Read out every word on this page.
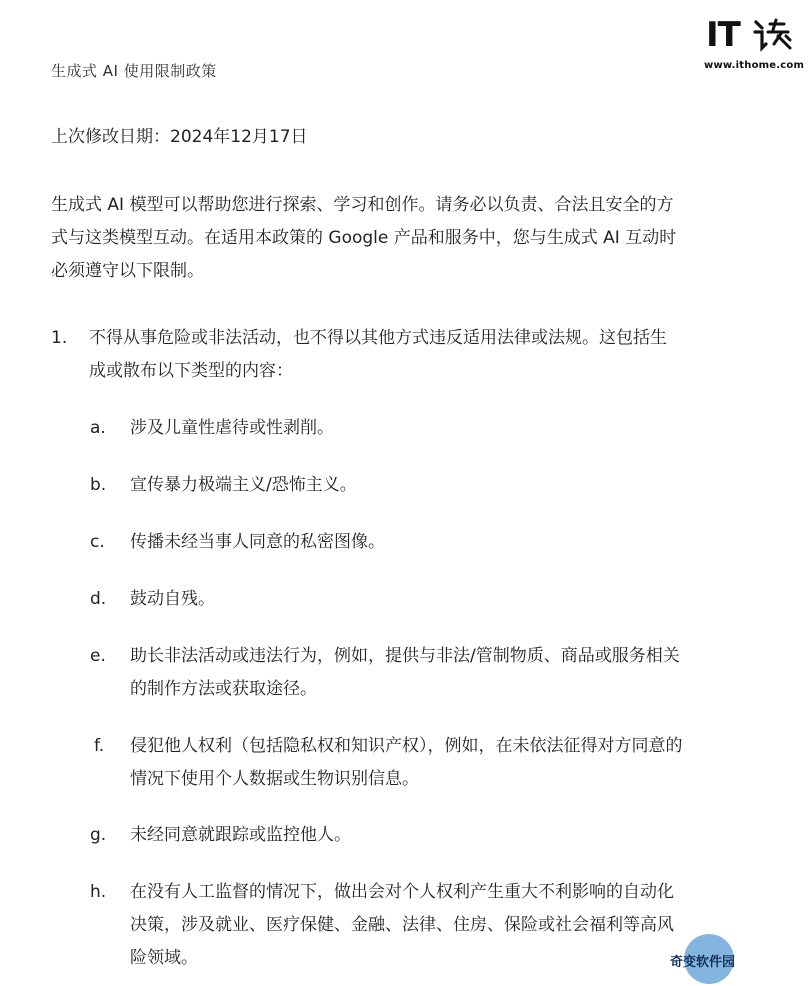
生成式 AI 使用限制政策
IT
www.ithome.com
上次修改日期：2024年12月17日
生成式 AI 模型可以帮助您进行探索、学习和创作。请务必以负责、合法且安全的方
式与这类模型互动。在适用本政策的 Google 产品和服务中，您与生成式 AI 互动时
必须遵守以下限制。
1. 不得从事危险或非法活动，也不得以其他方式违反适用法律或法规。这包括生
成或散布以下类型的内容：
a. 涉及儿童性虐待或性剥削。
b. 宣传暴力极端主义/恐怖主义。
c. 传播未经当事人同意的私密图像。
d. 鼓动自残。
e. 助长非法活动或违法行为，例如，提供与非法/管制物质、商品或服务相关
的制作方法或获取途径。
f. 侵犯他人权利（包括隐私权和知识产权），例如，在未依法征得对方同意的
情况下使用个人数据或生物识别信息。
g. 未经同意就跟踪或监控他人。
h. 在没有人工监督的情况下，做出会对个人权利产生重大不利影响的自动化
决策，涉及就业、医疗保健、金融、法律、住房、保险或社会福利等高风
险领域。	奇变软件园
